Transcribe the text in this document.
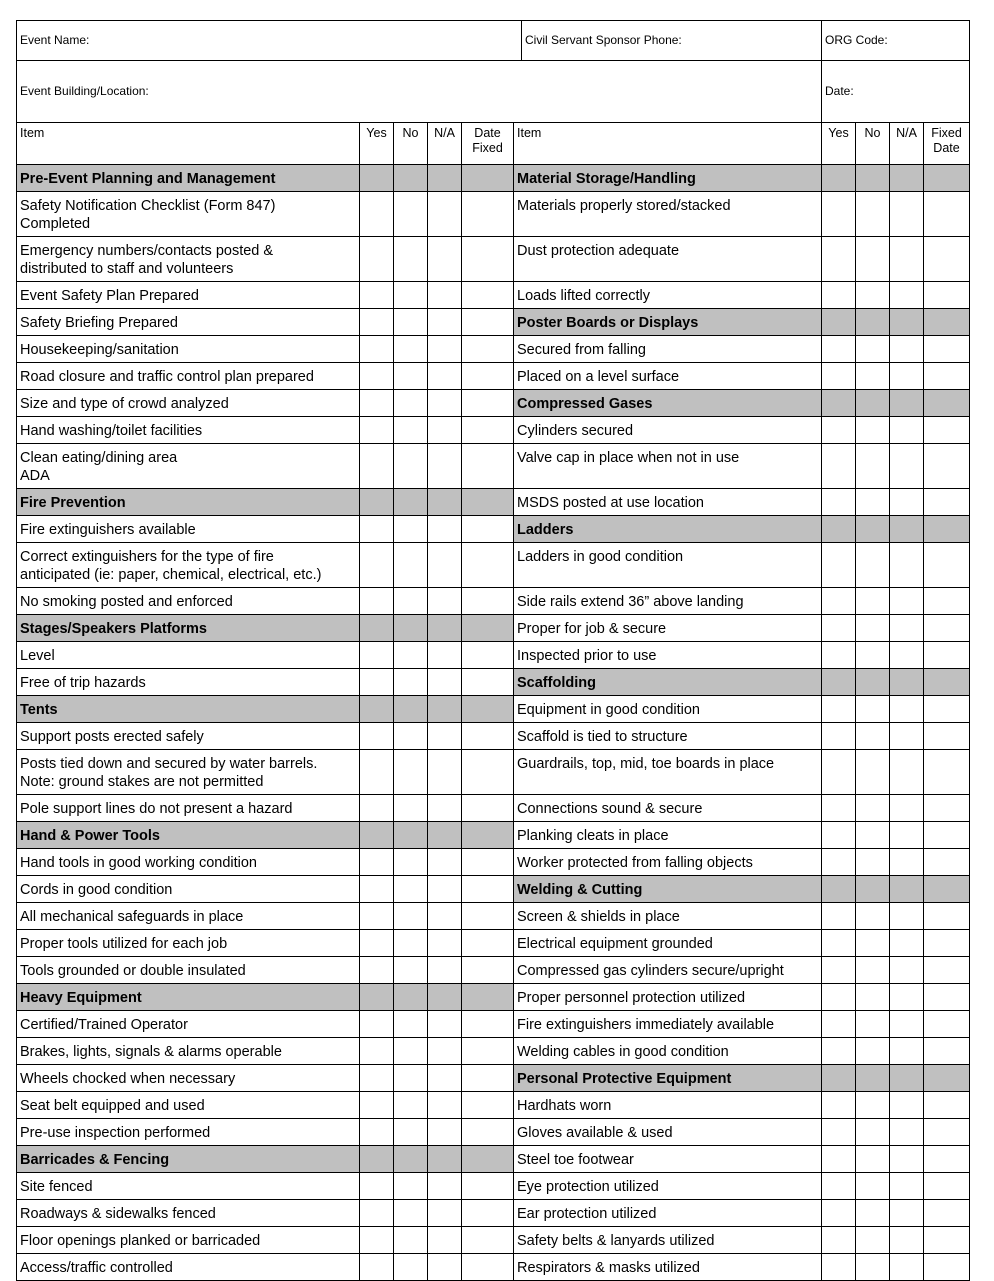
Event Name:	Civil Servant Sponsor Phone:	ORG Code:
Event Building/Location:		Date:
Item	Yes	No	N/A	Date Fixed	Item	Yes	No	N/A	Fixed Date
Pre-Event Planning and Management					Material Storage/Handling				
Safety Notification Checklist (Form 847)
Completed					Materials properly stored/stacked				
Emergency numbers/contacts posted &
distributed to staff and volunteers					Dust protection adequate				
Event Safety Plan Prepared					Loads lifted correctly				
Safety Briefing Prepared					Poster Boards or Displays				
Housekeeping/sanitation					Secured from falling				
Road closure and traffic control plan prepared					Placed on a level surface				
Size and type of crowd analyzed					Compressed Gases				
Hand washing/toilet facilities					Cylinders secured				
Clean eating/dining area
ADA					Valve cap in place when not in use				
Fire Prevention					MSDS posted at use location				
Fire extinguishers available					Ladders				
Correct extinguishers for the type of fire
anticipated (ie: paper, chemical, electrical, etc.)					Ladders in good condition				
No smoking posted and enforced					Side rails extend 36” above landing				
Stages/Speakers Platforms					Proper for job & secure				
Level					Inspected prior to use				
Free of trip hazards					Scaffolding				
Tents					Equipment in good condition				
Support posts erected safely					Scaffold is tied to structure				
Posts tied down and secured by water barrels.
Note: ground stakes are not permitted					Guardrails, top, mid, toe boards in place				
Pole support lines do not present a hazard					Connections sound & secure				
Hand & Power Tools					Planking cleats in place				
Hand tools in good working condition					Worker protected from falling objects				
Cords in good condition					Welding & Cutting				
All mechanical safeguards in place					Screen & shields in place				
Proper tools utilized for each job					Electrical equipment grounded				
Tools grounded or double insulated					Compressed gas cylinders secure/upright				
Heavy Equipment					Proper personnel protection utilized				
Certified/Trained Operator					Fire extinguishers immediately available				
Brakes, lights, signals & alarms operable					Welding cables in good condition				
Wheels chocked when necessary					Personal Protective Equipment				
Seat belt equipped and used					Hardhats worn				
Pre-use inspection performed					Gloves available & used				
Barricades & Fencing					Steel toe footwear				
Site fenced					Eye protection utilized				
Roadways & sidewalks fenced					Ear protection utilized				
Floor openings planked or barricaded					Safety belts & lanyards utilized				
Access/traffic controlled					Respirators & masks utilized				
